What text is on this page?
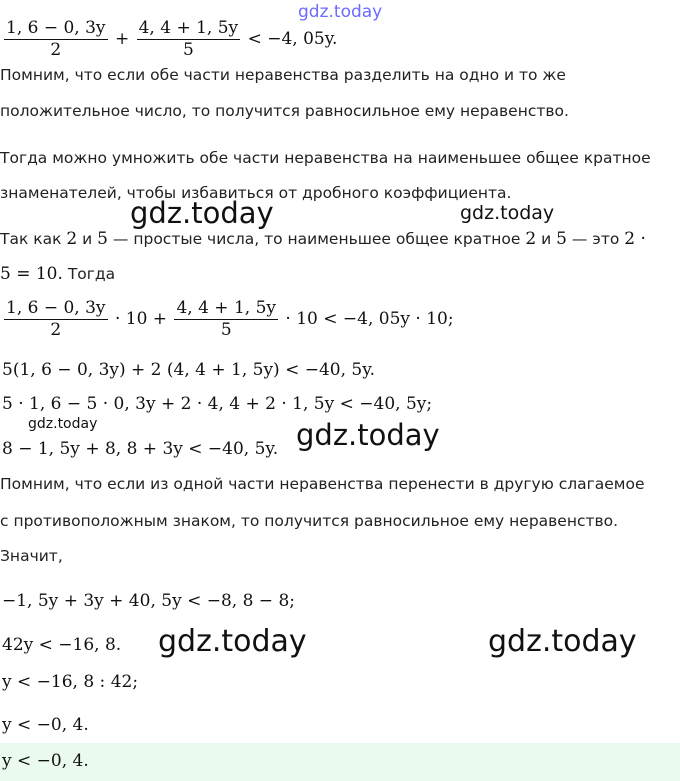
gdz.today
$\frac{1, 6 - 0, 3y}{2} + \frac{4, 4 + 1, 5y}{5} < -4$, 05y.
Помним, что если обе части неравенства разделить на одно и то же
положительное число, то получится равносильное ему неравенство.
Тогда можно умножить обе части неравенства на наименьшее общее кратное
знаменателей, чтобы избавиться от дробного коэффициента.
gdz.today	gdz.today
Так как 2 и 5 — простые числа, то наименьшее общее кратное 2 и 5 — это 2 ·
5 = 10. Тогда
$\frac{1, 6 - 0, 3y}{2} \cdot 10 + \frac{4, 4 + 1, 5y}{5} \cdot 10 < -4$, 05y · 10;
5(1, 6 − 0, 3y) + 2 (4, 4 + 1, 5y) < −40, 5y.
5 · 1, 6 − 5 · 0, 3y + 2 · 4, 4 + 2 · 1, 5y < −40, 5y;
gdz.today	gdz.today
8 − 1, 5y + 8, 8 + 3y < −40, 5y.
Помним, что если из одной части неравенства перенести в другую слагаемое
с противоположным знаком, то получится равносильное ему неравенство.
Значит,
−1, 5y + 3y + 40, 5y < −8, 8 − 8;
gdz.today	gdz.today
42y < −16, 8.
y < −16, 8 : 42;
y < −0, 4.
y < −0, 4.
